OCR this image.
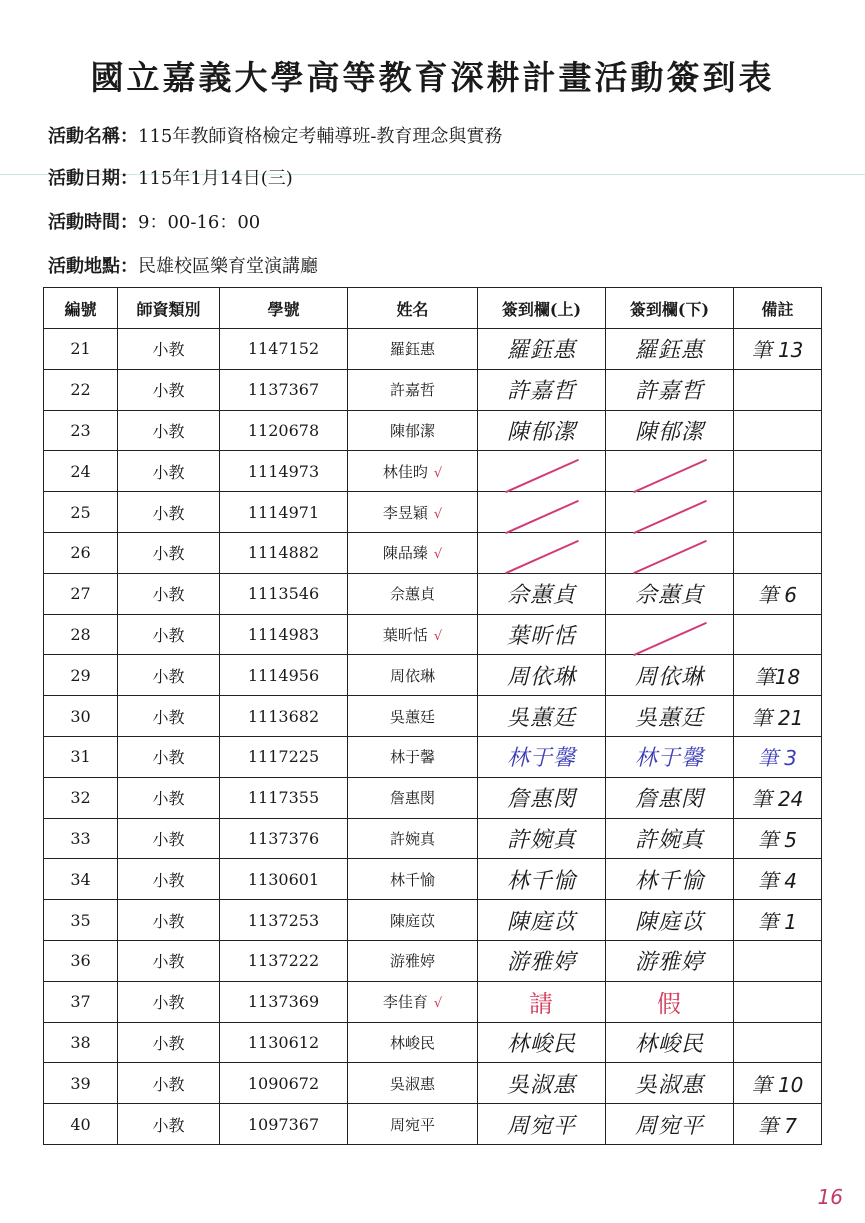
國立嘉義大學高等教育深耕計畫活動簽到表
活動名稱：115年教師資格檢定考輔導班-教育理念與實務
活動日期：115年1月14日(三)
活動時間：9：00-16：00
活動地點：民雄校區樂育堂演講廳
編號	師資類別	學號	姓名	簽到欄(上)	簽到欄(下)	備註
21	小教	1147152	羅鈺惠	羅鈺惠	羅鈺惠	筆 13
22	小教	1137367	許嘉哲	許嘉哲	許嘉哲	
23	小教	1120678	陳郁潔	陳郁潔	陳郁潔	
24	小教	1114973	林佳昀 √			
25	小教	1114971	李昱穎 √			
26	小教	1114882	陳品臻 √			
27	小教	1113546	佘蕙貞	佘蕙貞	佘蕙貞	筆 6
28	小教	1114983	葉昕恬 √	葉昕恬		
29	小教	1114956	周依琳	周依琳	周依琳	筆18
30	小教	1113682	吳蕙廷	吳蕙廷	吳蕙廷	筆 21
31	小教	1117225	林于馨	林于馨	林于馨	筆 3
32	小教	1117355	詹惠閔	詹惠閔	詹惠閔	筆 24
33	小教	1137376	許婉真	許婉真	許婉真	筆 5
34	小教	1130601	林千愉	林千愉	林千愉	筆 4
35	小教	1137253	陳庭苡	陳庭苡	陳庭苡	筆 1
36	小教	1137222	游雅婷	游雅婷	游雅婷	
37	小教	1137369	李佳育 √	請	假	
38	小教	1130612	林峻民	林峻民	林峻民	
39	小教	1090672	吳淑惠	吳淑惠	吳淑惠	筆 10
40	小教	1097367	周宛平	周宛平	周宛平	筆 7
16
